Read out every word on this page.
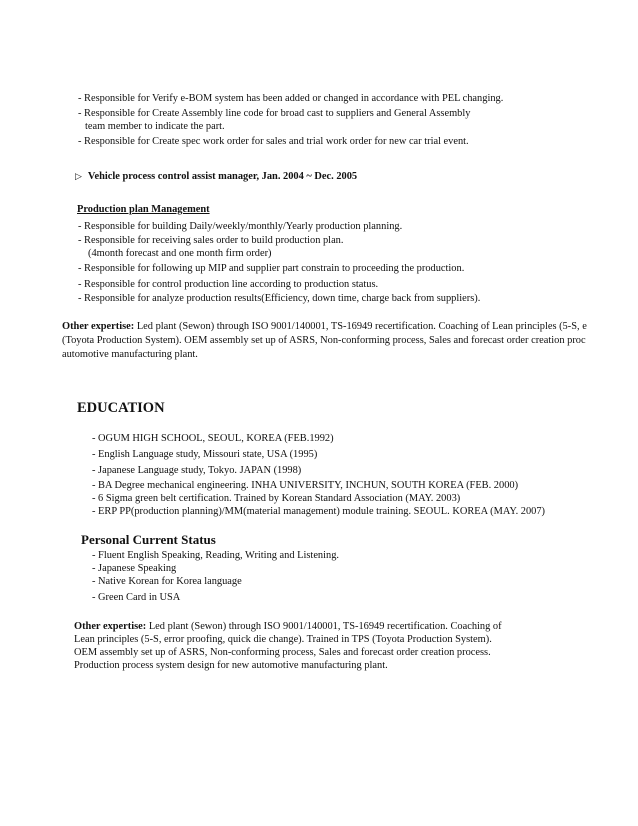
- Responsible for Verify e-BOM system has been added or changed in accordance with PEL changing.
- Responsible for Create Assembly line code for broad cast to suppliers and General Assembly
team member to indicate the part.
- Responsible for Create spec work order for sales and trial work order for new car trial event.
▷ Vehicle process control assist manager, Jan. 2004 ~ Dec. 2005
Production plan Management
- Responsible for building Daily/weekly/monthly/Yearly production planning.
- Responsible for receiving sales order to build production plan.
(4month forecast and one month firm order)
- Responsible for following up MIP and supplier part constrain to proceeding the production.
- Responsible for control production line according to production status.
- Responsible for analyze production results(Efficiency, down time, charge back from suppliers).
Other expertise: Led plant (Sewon) through ISO 9001/140001, TS-16949 recertification. Coaching of Lean principles (5-S, e
(Toyota Production System). OEM assembly set up of ASRS, Non-conforming process, Sales and forecast order creation proc
automotive manufacturing plant.
EDUCATION
- OGUM HIGH SCHOOL, SEOUL, KOREA (FEB.1992)
- English Language study, Missouri state, USA (1995)
- Japanese Language study, Tokyo. JAPAN (1998)
- BA Degree mechanical engineering. INHA UNIVERSITY, INCHUN, SOUTH KOREA (FEB. 2000)
- 6 Sigma green belt certification. Trained by Korean Standard Association (MAY. 2003)
- ERP PP(production planning)/MM(material management) module training. SEOUL. KOREA (MAY. 2007)
Personal Current Status
- Fluent English Speaking, Reading, Writing and Listening.
- Japanese Speaking
- Native Korean for Korea language
- Green Card in USA
Other expertise: Led plant (Sewon) through ISO 9001/140001, TS-16949 recertification. Coaching of
Lean principles (5-S, error proofing, quick die change). Trained in TPS (Toyota Production System).
OEM assembly set up of ASRS, Non-conforming process, Sales and forecast order creation process.
Production process system design for new automotive manufacturing plant.
